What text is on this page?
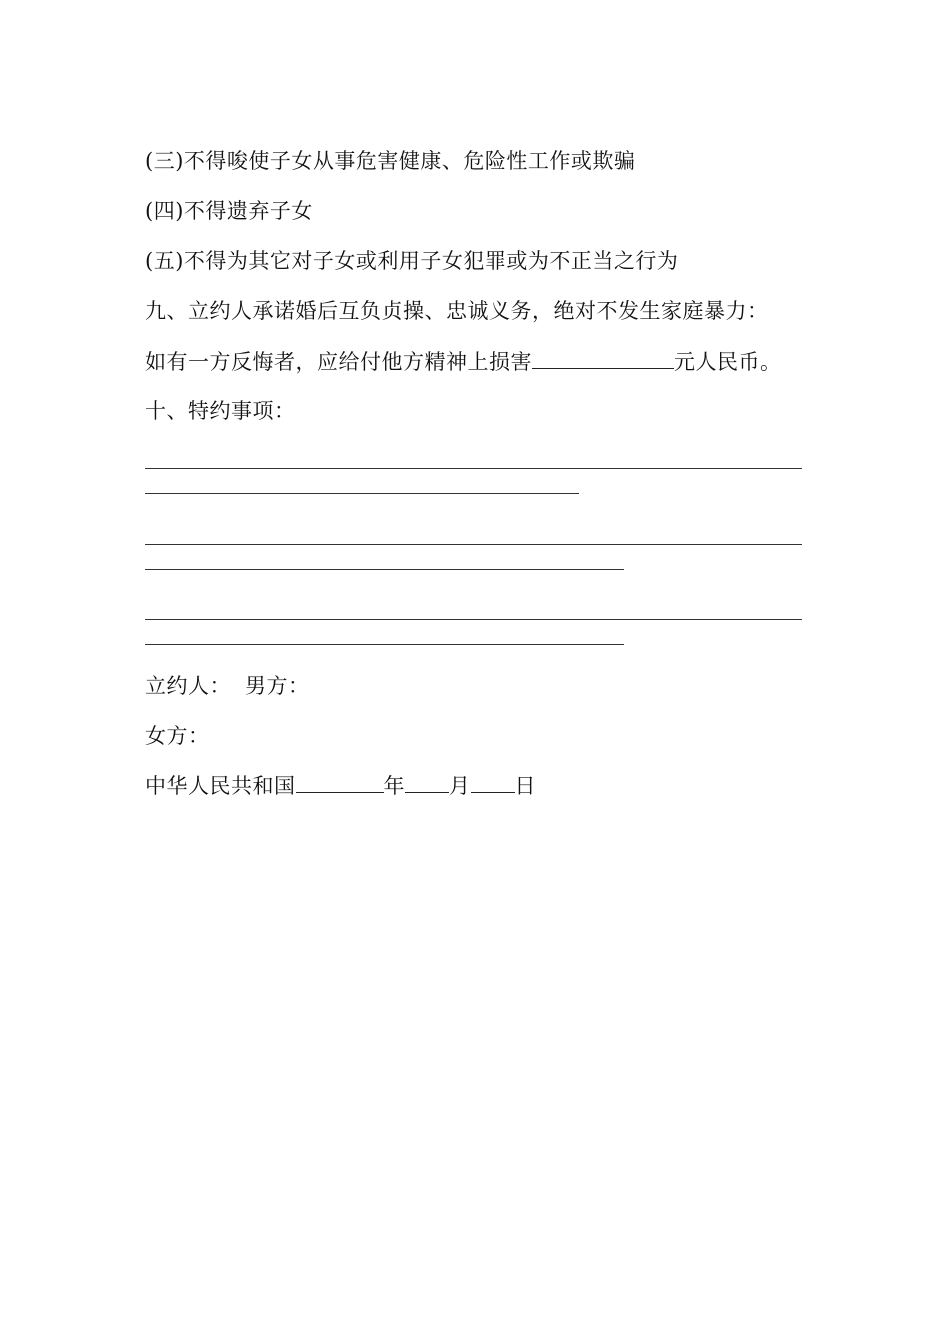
(三)不得唆使子女从事危害健康、危险性工作或欺骗
(四)不得遗弃子女
(五)不得为其它对子女或利用子女犯罪或为不正当之行为
九、立约人承诺婚后互负贞操、忠诚义务，绝对不发生家庭暴力：
如有一方反悔者，应给付他方精神上损害	元人民币。
十、特约事项：
立约人： 男方：
女方：
中华人民共和国	年 月 日
